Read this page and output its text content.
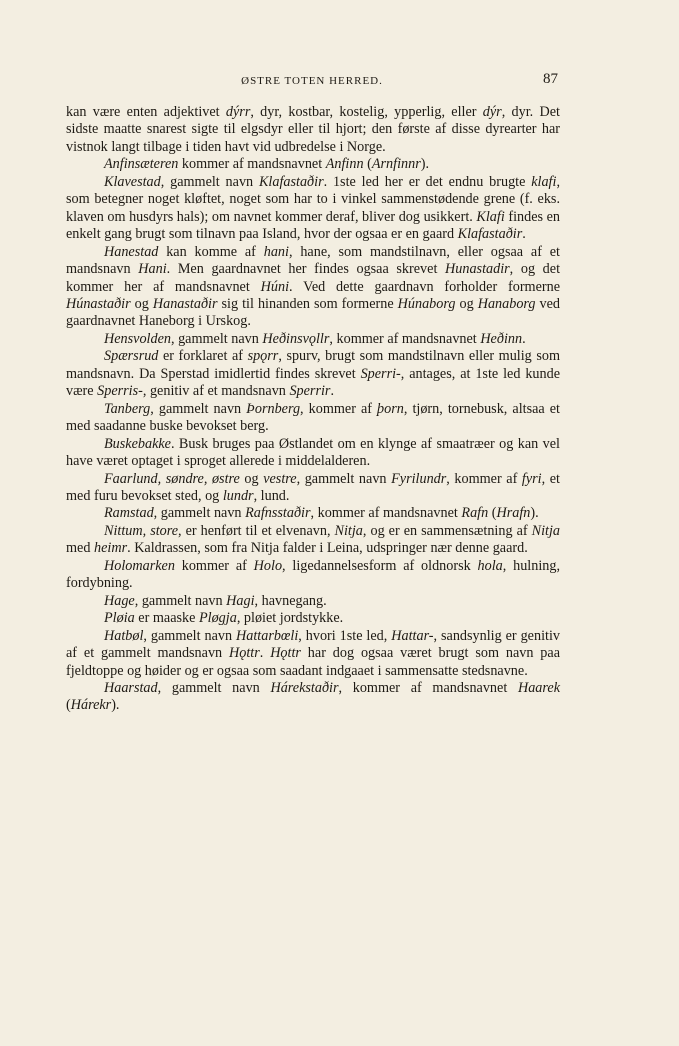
ØSTRE TOTEN HERRED.	87

kan være enten adjektivet dýrr, dyr, kostbar, kostelig, ypperlig, eller dýr, dyr. Det sidste maatte snarest sigte til elgsdyr eller til hjort; den første af disse dyrearter har vistnok langt tilbage i tiden havt vid udbredelse i Norge.

Anfinsæteren kommer af mandsnavnet Anfinn (Arnfinnr).

Klavestad, gammelt navn Klafastaðir. 1ste led her er det endnu brugte klafi, som betegner noget kløftet, noget som har to i vinkel sammenstødende grene (f. eks. klaven om husdyrs hals); om navnet kommer deraf, bliver dog usikkert. Klafi findes en enkelt gang brugt som tilnavn paa Island, hvor der ogsaa er en gaard Klafastaðir.

Hanestad kan komme af hani, hane, som mandstilnavn, eller ogsaa af et mandsnavn Hani. Men gaardnavnet her findes ogsaa skrevet Hunastadir, og det kommer her af mandsnavnet Húni. Ved dette gaardnavn forholder formerne Húnastaðir og Hanastaðir sig til hinanden som formerne Húnaborg og Hanaborg ved gaardnavnet Haneborg i Urskog.

Hensvolden, gammelt navn Heðinsvǫllr, kommer af mandsnavnet Heðinn.

Spærsrud er forklaret af spǫrr, spurv, brugt som mandstilnavn eller mulig som mandsnavn. Da Sperstad imidlertid findes skrevet Sperri-, antages, at 1ste led kunde være Sperris-, genitiv af et mandsnavn Sperrir.

Tanberg, gammelt navn Þornberg, kommer af þorn, tjørn, tornebusk, altsaa et med saadanne buske bevokset berg.

Buskebakke. Busk bruges paa Østlandet om en klynge af smaatræer og kan vel have været optaget i sproget allerede i middelalderen.

Faarlund, søndre, østre og vestre, gammelt navn Fyrilundr, kommer af fyri, et med furu bevokset sted, og lundr, lund.

Ramstad, gammelt navn Rafnsstaðir, kommer af mandsnavnet Rafn (Hrafn).

Nittum, store, er henført til et elvenavn, Nitja, og er en sammensætning af Nitja med heimr. Kaldrassen, som fra Nitja falder i Leina, udspringer nær denne gaard.

Holomarken kommer af Holo, ligedannelsesform af oldnorsk hola, hulning, fordybning.

Hage, gammelt navn Hagi, havnegang.

Pløia er maaske Pløgja, pløiet jordstykke.

Hatbøl, gammelt navn Hattarbœli, hvori 1ste led, Hattar-, sandsynlig er genitiv af et gammelt mandsnavn Hǫttr. Hǫttr har dog ogsaa været brugt som navn paa fjeldtoppe og høider og er ogsaa som saadant indgaaet i sammensatte stedsnavne.

Haarstad, gammelt navn Hárekstaðir, kommer af mandsnavnet Haarek (Hárekr).
